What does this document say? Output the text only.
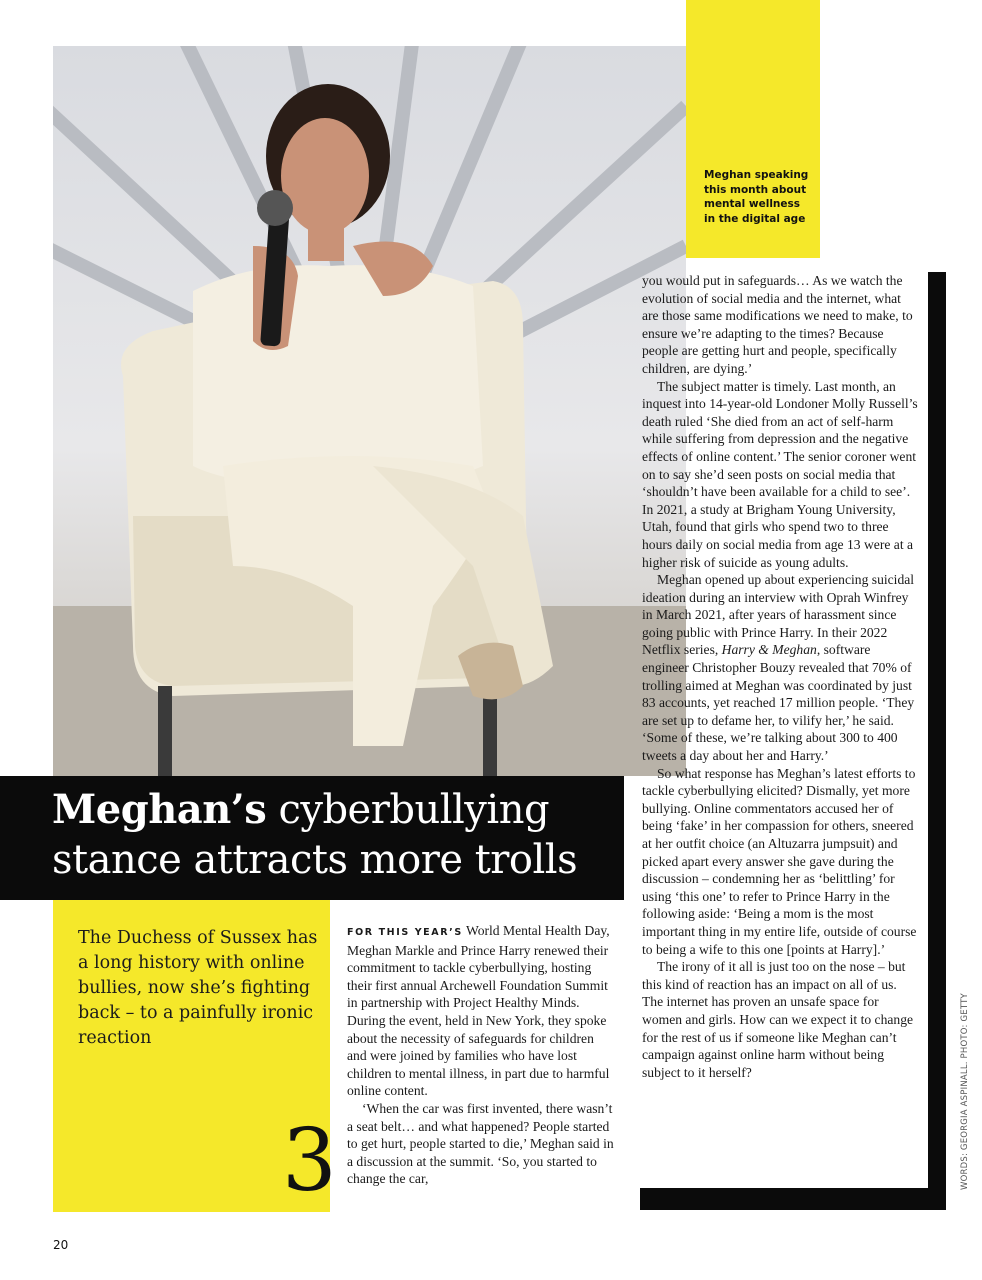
Meghan speaking this month about mental wellness in the digital age
Meghan’s cyberbullying
stance attracts more trolls
The Duchess of Sussex has a long history with online bullies, now she’s fighting back – to a painfully ironic reaction
3

FOR THIS YEAR’S World Mental Health Day, Meghan Markle and Prince Harry renewed their commitment to tackle cyberbullying, hosting their first annual Archewell Foundation Summit in partnership with Project Healthy Minds. During the event, held in New York, they spoke about the necessity of safeguards for children and were joined by families who have lost children to mental illness, in part due to harmful online content.

‘When the car was first invented, there wasn’t a seat belt… and what happened? People started to get hurt, people started to die,’ Meghan said in a discussion at the summit. ‘So, you started to change the car,

you would put in safeguards… As we watch the evolution of social media and the internet, what are those same modifications we need to make, to ensure we’re adapting to the times? Because people are getting hurt and people, specifically children, are dying.’

The subject matter is timely. Last month, an inquest into 14-year-old Londoner Molly Russell’s death ruled ‘She died from an act of self-harm while suffering from depression and the negative effects of online content.’ The senior coroner went on to say she’d seen posts on social media that ‘shouldn’t have been available for a child to see’. In 2021, a study at Brigham Young University, Utah, found that girls who spend two to three hours daily on social media from age 13 were at a higher risk of suicide as young adults.

Meghan opened up about experiencing suicidal ideation during an interview with Oprah Winfrey in March 2021, after years of harassment since going public with Prince Harry. In their 2022 Netflix series, Harry & Meghan, software engineer Christopher Bouzy revealed that 70% of trolling aimed at Meghan was coordinated by just 83 accounts, yet reached 17 million people. ‘They are set up to defame her, to vilify her,’ he said. ‘Some of these, we’re talking about 300 to 400 tweets a day about her and Harry.’

So what response has Meghan’s latest efforts to tackle cyberbullying elicited? Dismally, yet more bullying. Online commentators accused her of being ‘fake’ in her compassion for others, sneered at her outfit choice (an Altuzarra jumpsuit) and picked apart every answer she gave during the discussion – condemning her as ‘belittling’ for using ‘this one’ to refer to Prince Harry in the following aside: ‘Being a mom is the most important thing in my entire life, outside of course to being a wife to this one [points at Harry].’

The irony of it all is just too on the nose – but this kind of reaction has an impact on all of us. The internet has proven an unsafe space for women and girls. How can we expect it to change for the rest of us if someone like Meghan can’t campaign against online harm without being subject to it herself?	WORDS: GEORGIA ASPINALL. PHOTO: GETTY
20
